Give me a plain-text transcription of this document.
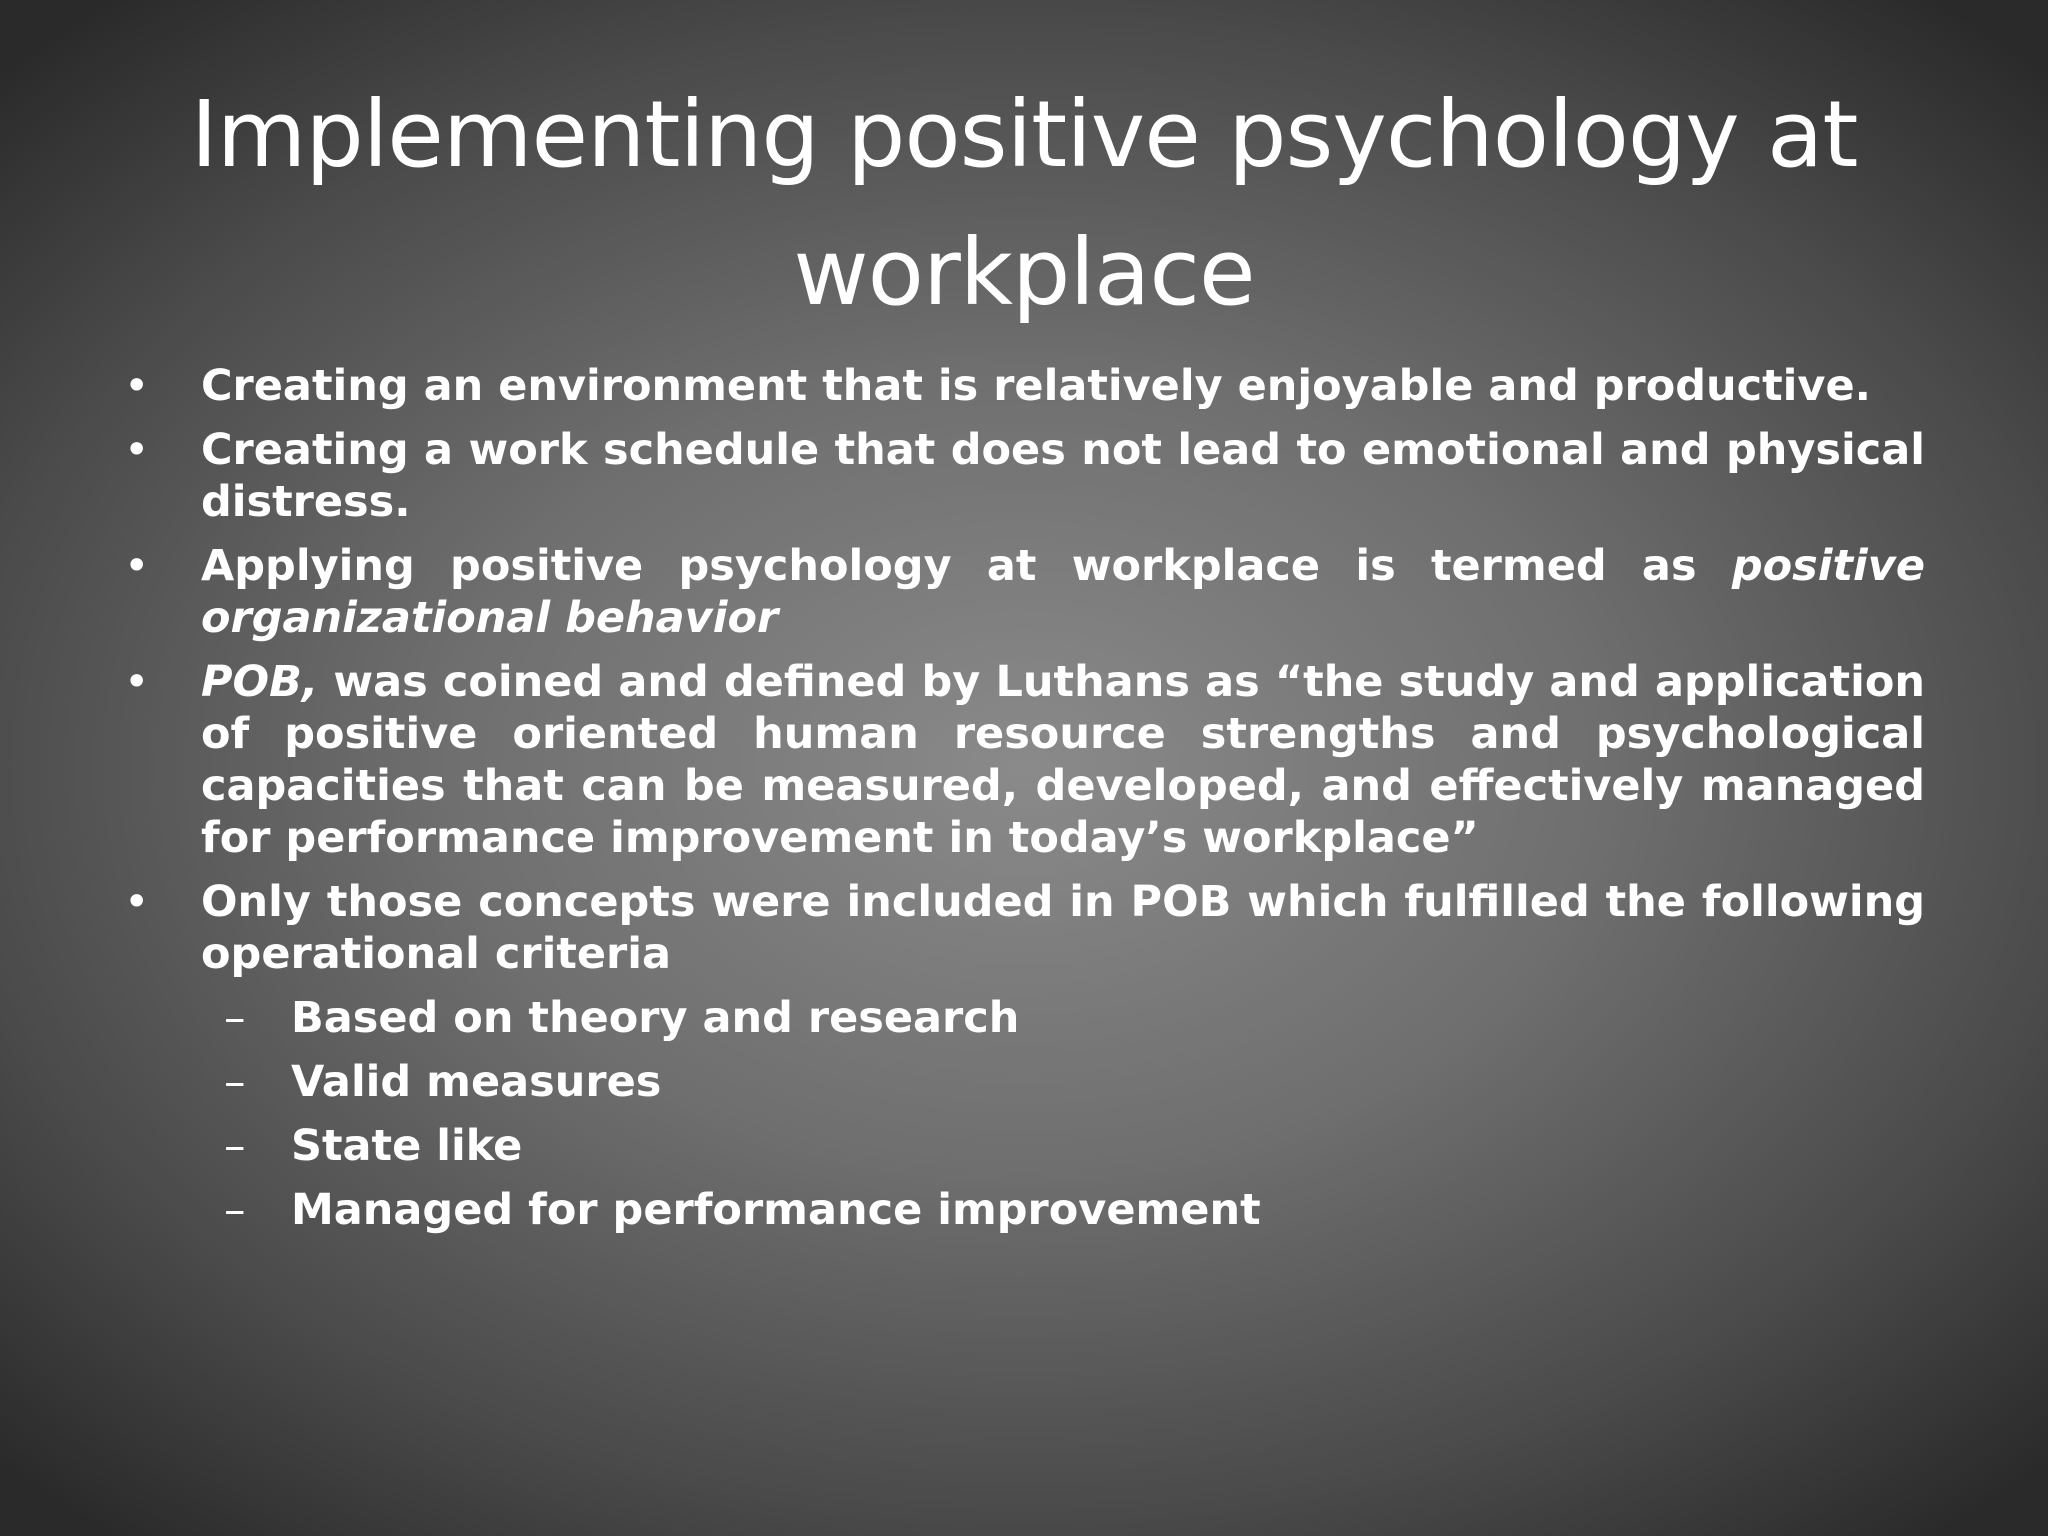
Implementing positive psychology at workplace
• Creating an environment that is relatively enjoyable and productive.
• Creating a work schedule that does not lead to emotional and physical distress.
• Applying positive psychology at workplace is termed as positive organizational behavior
• POB, was coined and defined by Luthans as “the study and application of positive oriented human resource strengths and psychological capacities that can be measured, developed, and effectively managed for performance improvement in today’s workplace”
• Only those concepts were included in POB which fulfilled the following operational criteria
– Based on theory and research
– Valid measures
– State like
– Managed for performance improvement
